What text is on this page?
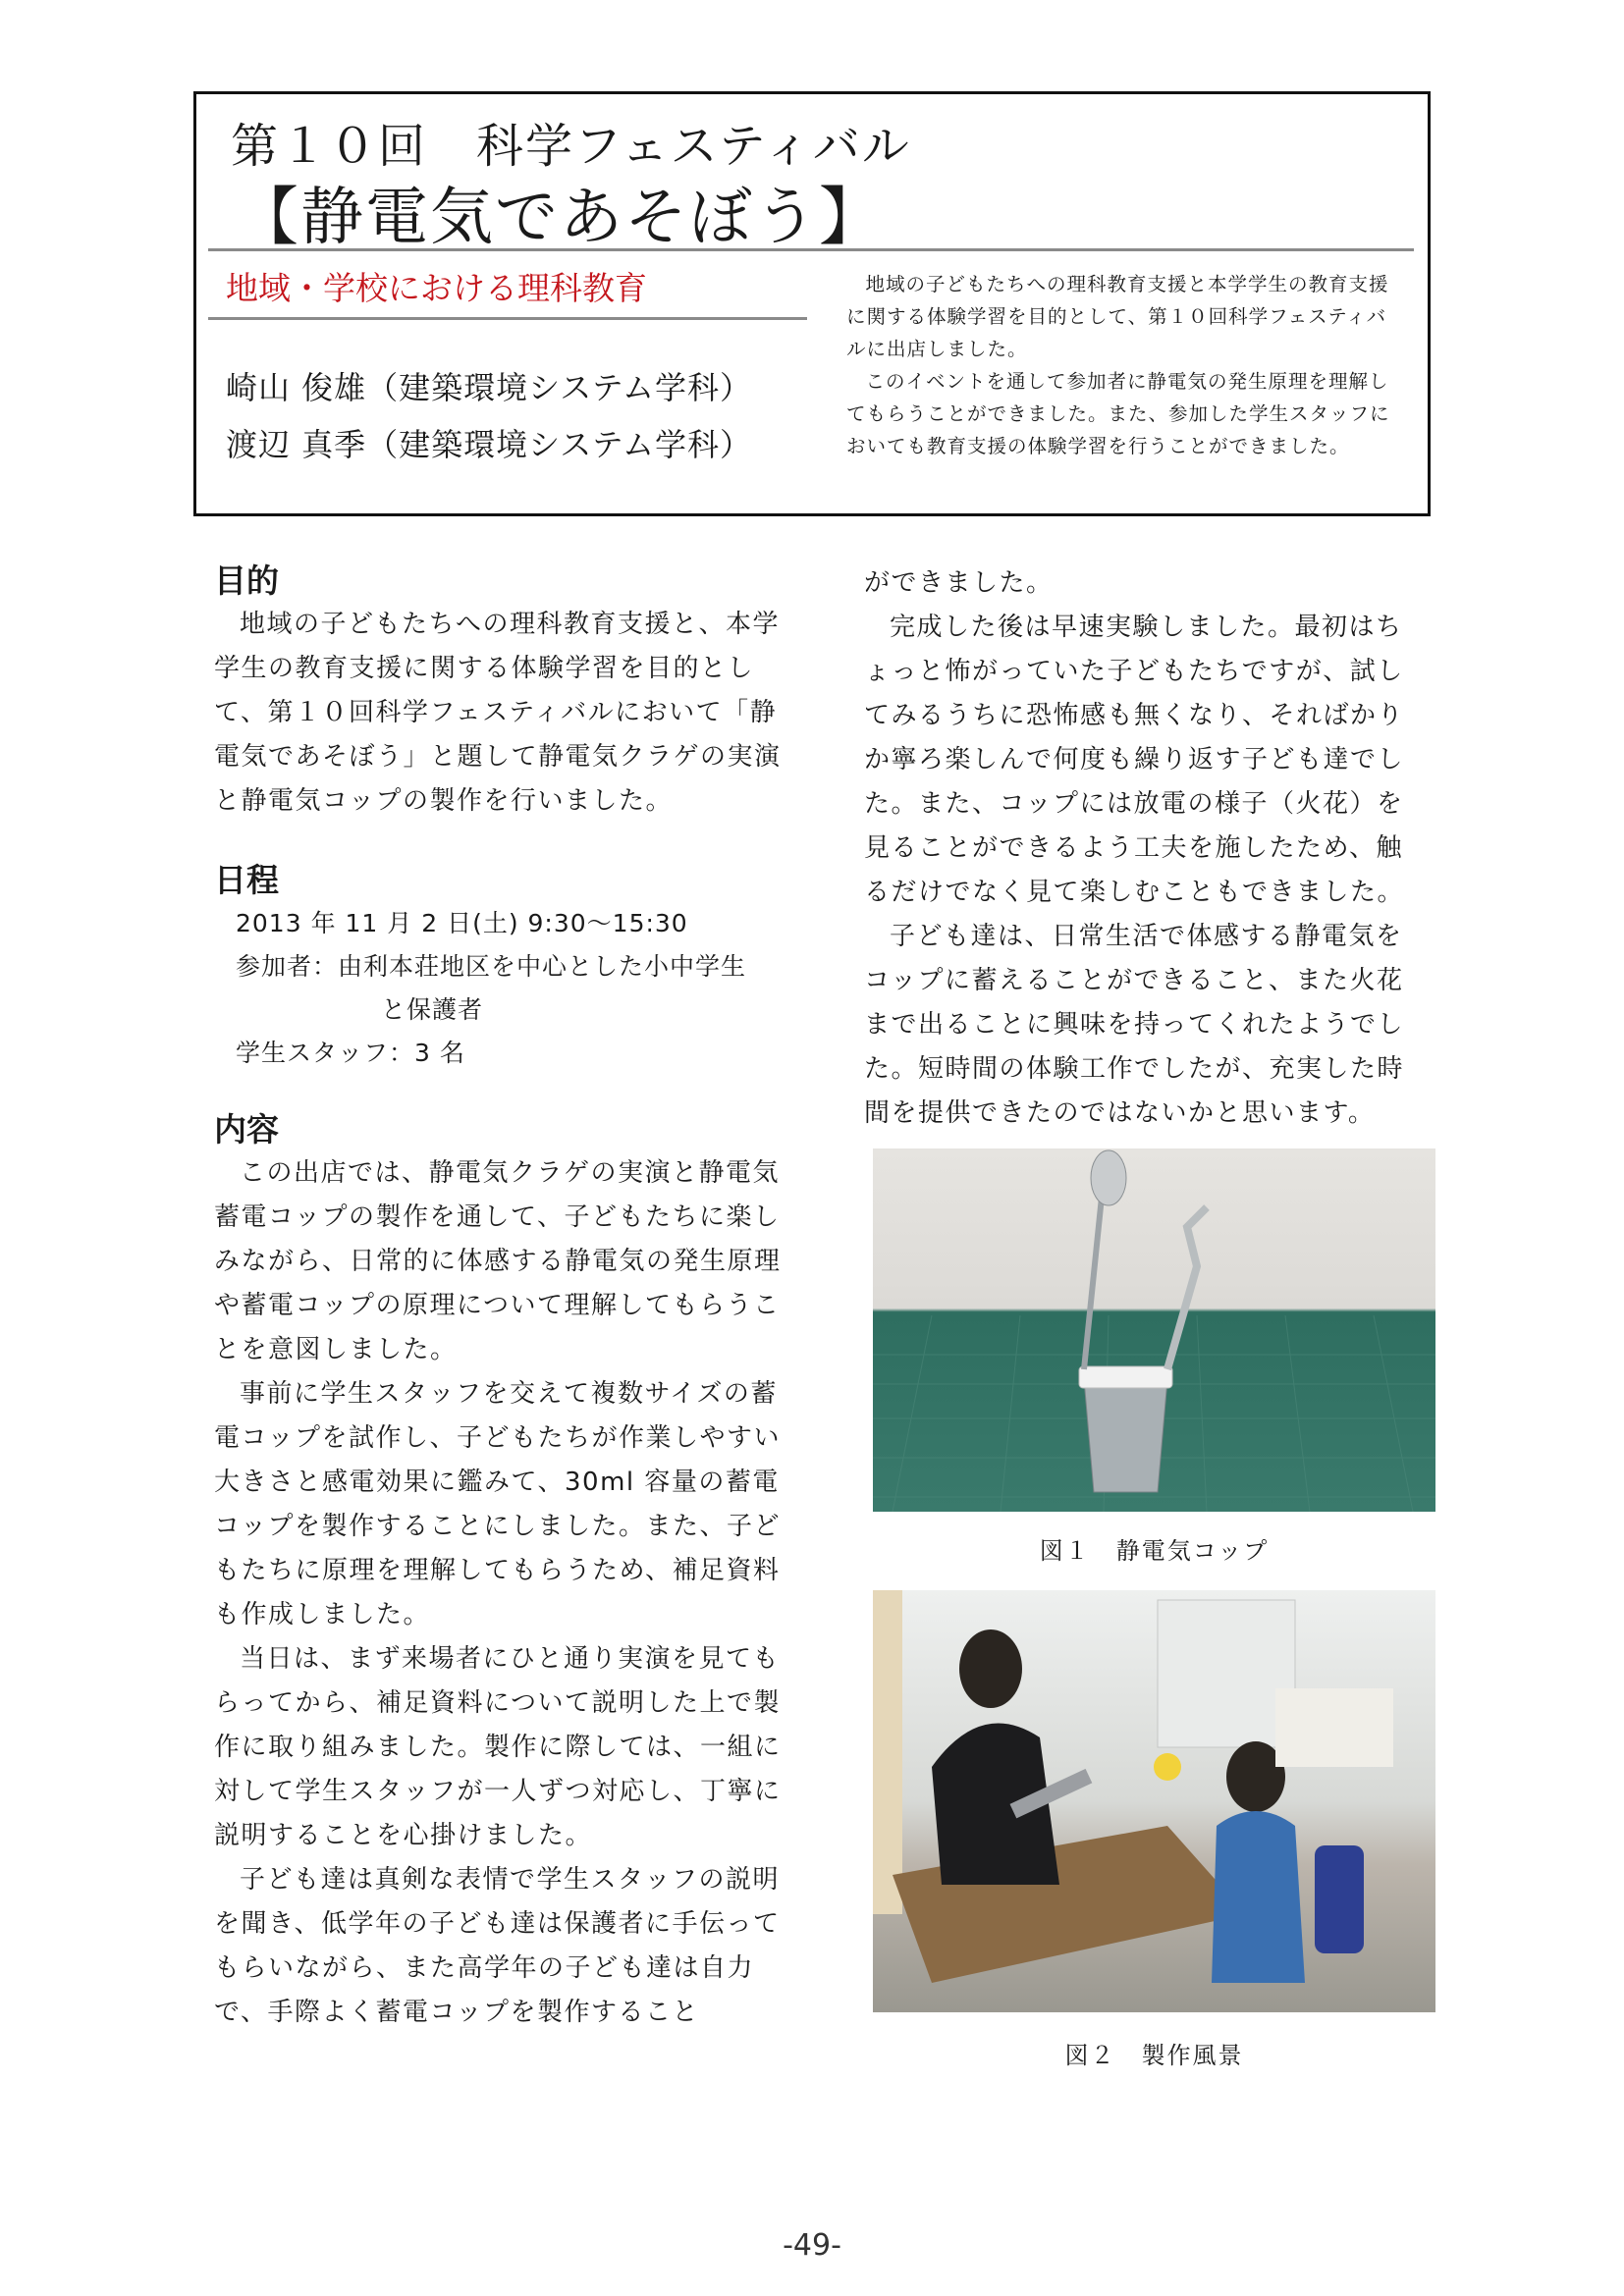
第１０回　科学フェスティバル
【静電気であそぼう】
地域・学校における理科教育
崎山 俊雄（建築環境システム学科）
渡辺 真季（建築環境システム学科）

地域の子どもたちへの理科教育支援と本学学生の教育支援に関する体験学習を目的として、第１０回科学フェスティバルに出店しました。

このイベントを通して参加者に静電気の発生原理を理解してもらうことができました。また、参加した学生スタッフにおいても教育支援の体験学習を行うことができました。

目的

地域の子どもたちへの理科教育支援と、本学学生の教育支援に関する体験学習を目的として、第１０回科学フェスティバルにおいて「静電気であそぼう」と題して静電気クラゲの実演と静電気コップの製作を行いました。

日程

2013 年 11 月 2 日(土) 9:30～15:30

参加者：由利本荘地区を中心とした小中学生

と保護者

学生スタッフ：3 名

内容

この出店では、静電気クラゲの実演と静電気蓄電コップの製作を通して、子どもたちに楽しみながら、日常的に体感する静電気の発生原理や蓄電コップの原理について理解してもらうことを意図しました。

事前に学生スタッフを交えて複数サイズの蓄電コップを試作し、子どもたちが作業しやすい大きさと感電効果に鑑みて、30ml 容量の蓄電コップを製作することにしました。また、子どもたちに原理を理解してもらうため、補足資料も作成しました。

当日は、まず来場者にひと通り実演を見てもらってから、補足資料について説明した上で製作に取り組みました。製作に際しては、一組に対して学生スタッフが一人ずつ対応し、丁寧に説明することを心掛けました。

子ども達は真剣な表情で学生スタッフの説明を聞き、低学年の子ども達は保護者に手伝ってもらいながら、また高学年の子ども達は自力で、手際よく蓄電コップを製作すること

ができました。

完成した後は早速実験しました。最初はちょっと怖がっていた子どもたちですが、試してみるうちに恐怖感も無くなり、そればかりか寧ろ楽しんで何度も繰り返す子ども達でした。また、コップには放電の様子（火花）を見ることができるよう工夫を施したため、触るだけでなく見て楽しむこともできました。

子ども達は、日常生活で体感する静電気をコップに蓄えることができること、また火花まで出ることに興味を持ってくれたようでした。短時間の体験工作でしたが、充実した時間を提供できたのではないかと思います。

図１　静電気コップ
図２　製作風景
-49-
